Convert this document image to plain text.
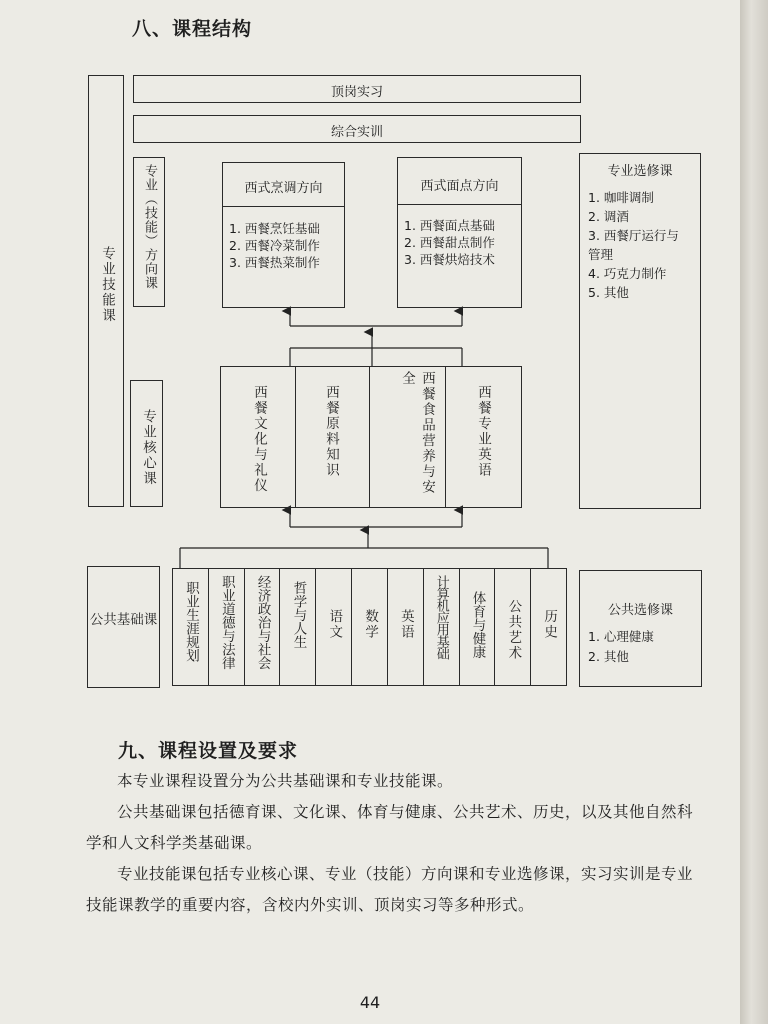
八、课程结构
顶岗实习
综合实训
专业技能课 专业（技能）方向课
专业核心课
西式烹调方向
1. 西餐烹饪基础
2. 西餐冷菜制作
3. 西餐热菜制作
西式面点方向
1. 西餐面点基础
2. 西餐甜点制作
3. 西餐烘焙技术
专业选修课
1. 咖啡调制
2. 调酒
3. 西餐厅运行与
管理
4. 巧克力制作
5. 其他
西餐文化与礼仪	西餐原料知识	西餐食品营养与安全
西餐专业英语
公共基础课 职业生涯规划 职业道德与法律 经济政治与社会 哲学与人生 语文 数学 英语 计算机应用基础 体育与健康 公共艺术 历史	公共选修课
1. 心理健康
2. 其他
九、课程设置及要求

本专业课程设置分为公共基础课和专业技能课。

公共基础课包括德育课、文化课、体育与健康、公共艺术、历史，以及其他自然科学和人文科学类基础课。

专业技能课包括专业核心课、专业（技能）方向课和专业选修课，实习实训是专业技能课教学的重要内容，含校内外实训、顶岗实习等多种形式。

44
